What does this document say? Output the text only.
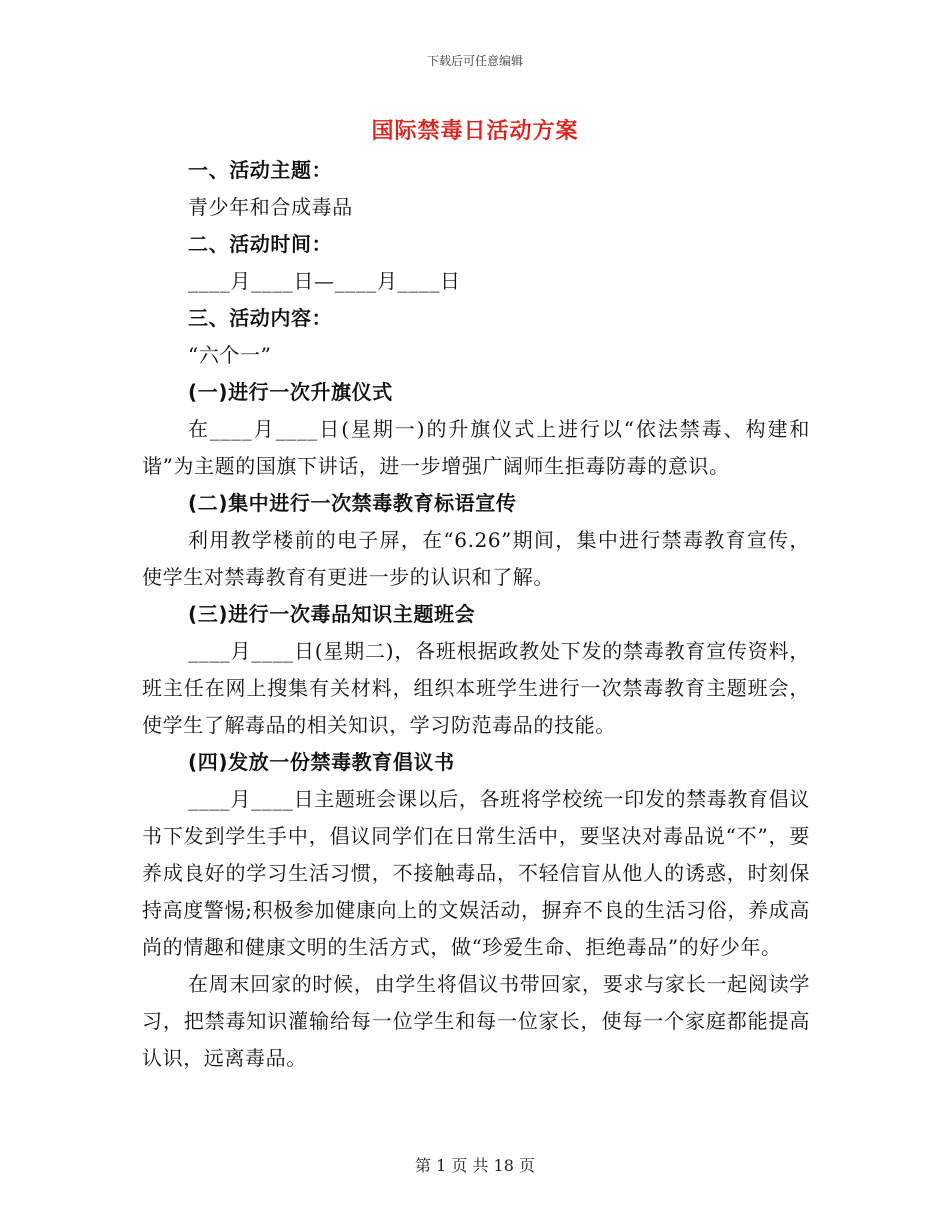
下载后可任意编辑
国际禁毒日活动方案

一、活动主题：

青少年和合成毒品

二、活动时间：

____月____日—____月____日

三、活动内容：

“六个一”

(一)进行一次升旗仪式

在____月____日(星期一)的升旗仪式上进行以“依法禁毒、构建和谐”为主题的国旗下讲话，进一步增强广阔师生拒毒防毒的意识。

(二)集中进行一次禁毒教育标语宣传

利用教学楼前的电子屏，在“6.26”期间，集中进行禁毒教育宣传，使学生对禁毒教育有更进一步的认识和了解。

(三)进行一次毒品知识主题班会

____月____日(星期二)，各班根据政教处下发的禁毒教育宣传资料，班主任在网上搜集有关材料，组织本班学生进行一次禁毒教育主题班会，使学生了解毒品的相关知识，学习防范毒品的技能。

(四)发放一份禁毒教育倡议书

____月____日主题班会课以后，各班将学校统一印发的禁毒教育倡议书下发到学生手中，倡议同学们在日常生活中，要坚决对毒品说“不”，要养成良好的学习生活习惯，不接触毒品，不轻信盲从他人的诱惑，时刻保持高度警惕;积极参加健康向上的文娱活动，摒弃不良的生活习俗，养成高尚的情趣和健康文明的生活方式，做“珍爱生命、拒绝毒品”的好少年。

在周末回家的时候，由学生将倡议书带回家，要求与家长一起阅读学习，把禁毒知识灌输给每一位学生和每一位家长，使每一个家庭都能提高认识，远离毒品。

第 1 页 共 18 页
